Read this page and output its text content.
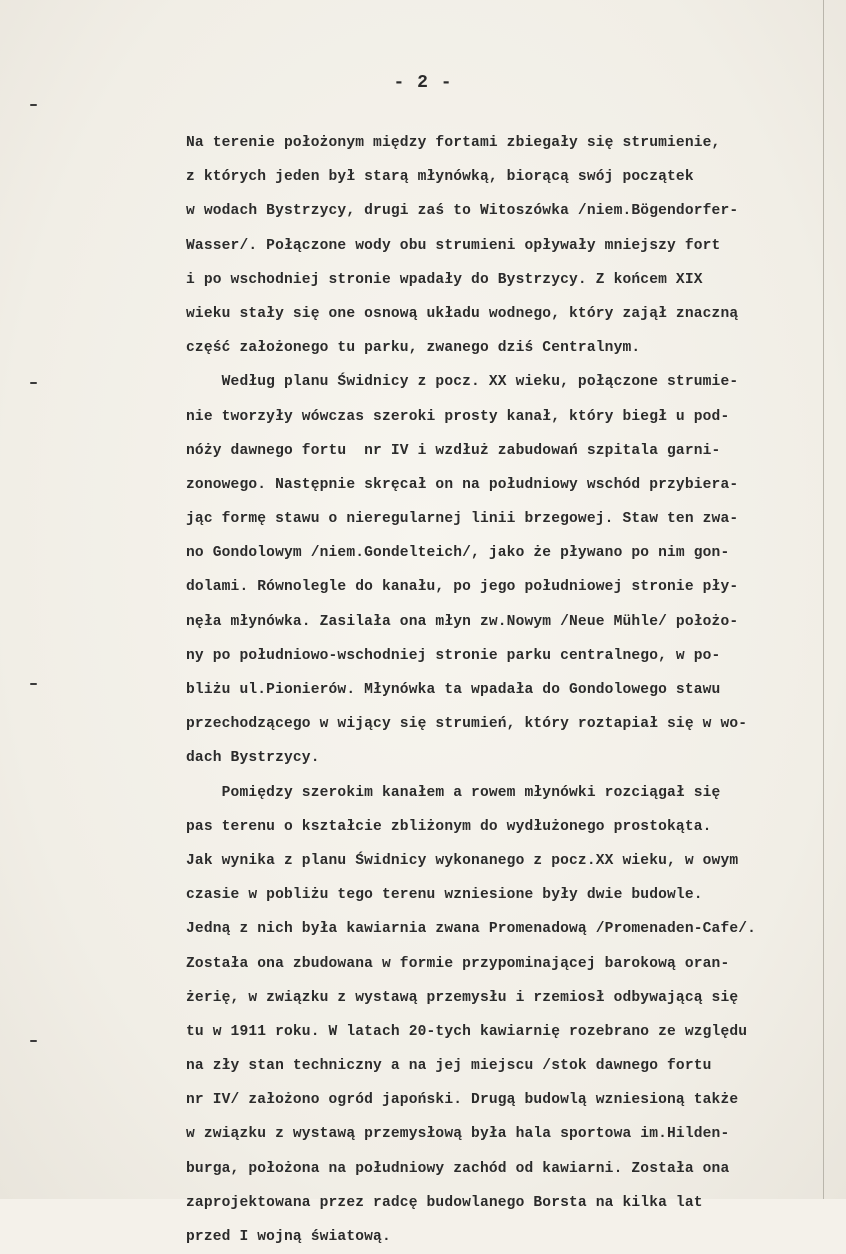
- 2 -
Na terenie położonym między fortami zbiegały się strumienie,
z których jeden był starą młynówką, biorącą swój początek
w wodach Bystrzycy, drugi zaś to Witoszówka /niem.Bögendorfer-
Wasser/. Połączone wody obu strumieni opływały mniejszy fort
i po wschodniej stronie wpadały do Bystrzycy. Z końcem XIX
wieku stały się one osnową układu wodnego, który zajął znaczną
część założonego tu parku, zwanego dziś Centralnym.
Według planu Świdnicy z pocz. XX wieku, połączone strumie-
nie tworzyły wówczas szeroki prosty kanał, który biegł u pod-
nóży dawnego fortu  nr IV i wzdłuż zabudowań szpitala garni-
zonowego. Następnie skręcał on na południowy wschód przybiera-
jąc formę stawu o nieregularnej linii brzegowej. Staw ten zwa-
no Gondolowym /niem.Gondelteich/, jako że pływano po nim gon-
dolami. Równolegle do kanału, po jego południowej stronie pły-
nęła młynówka. Zasilała ona młyn zw.Nowym /Neue Mühle/ położo-
ny po południowo-wschodniej stronie parku centralnego, w po-
bliżu ul.Pionierów. Młynówka ta wpadała do Gondolowego stawu
przechodzącego w wijący się strumień, który roztapiał się w wo-
dach Bystrzycy.
Pomiędzy szerokim kanałem a rowem młynówki rozciągał się
pas terenu o kształcie zbliżonym do wydłużonego prostokąta.
Jak wynika z planu Świdnicy wykonanego z pocz.XX wieku, w owym
czasie w pobliżu tego terenu wzniesione były dwie budowle.
Jedną z nich była kawiarnia zwana Promenadową /Promenaden-Cafe/.
Została ona zbudowana w formie przypominającej barokową oran-
żerię, w związku z wystawą przemysłu i rzemiosł odbywającą się
tu w 1911 roku. W latach 20-tych kawiarnię rozebrano ze względu
na zły stan techniczny a na jej miejscu /stok dawnego fortu
nr IV/ założono ogród japoński. Drugą budowlą wzniesioną także
w związku z wystawą przemysłową była hala sportowa im.Hilden-
burga, położona na południowy zachód od kawiarni. Została ona
zaprojektowana przez radcę budowlanego Borsta na kilka lat
przed I wojną światową.
